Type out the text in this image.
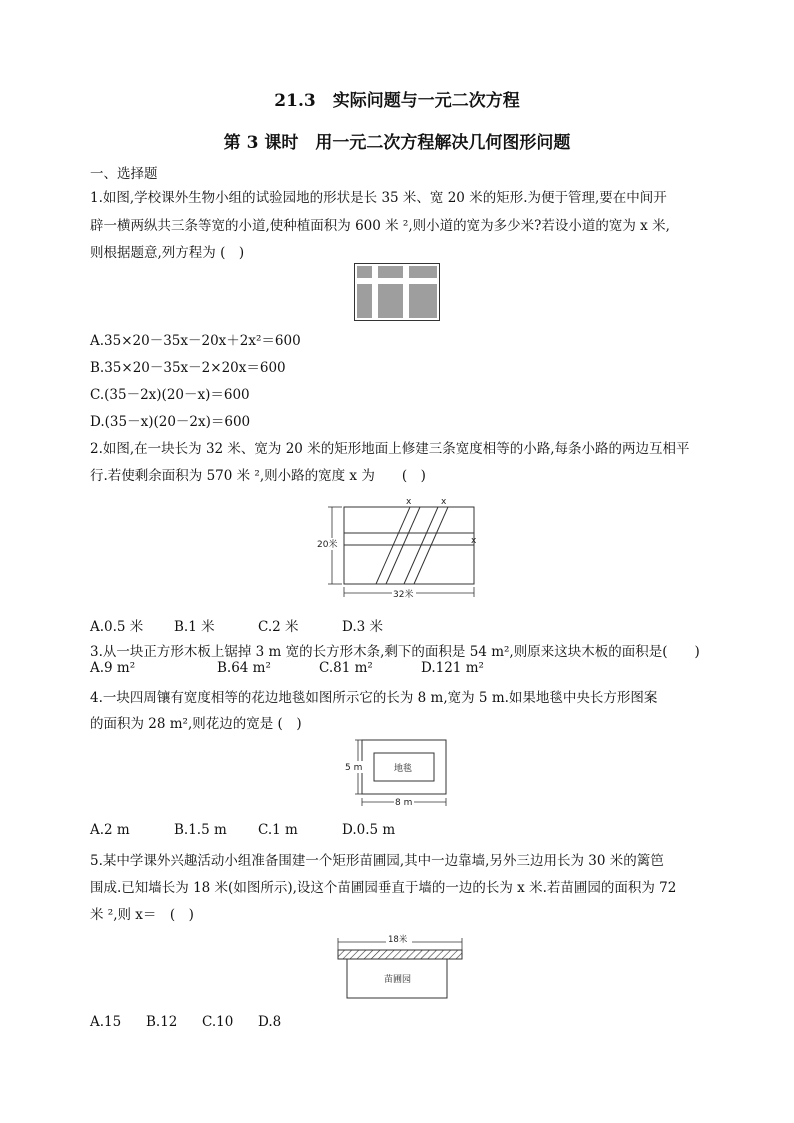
21.3　实际问题与一元二次方程
第 3 课时　用一元二次方程解决几何图形问题
一、选择题
1.如图,学校课外生物小组的试验园地的形状是长 35 米、宽 20 米的矩形.为便于管理,要在中间开
辟一横两纵共三条等宽的小道,使种植面积为 600 米 ²,则小道的宽为多少米?若设小道的宽为 x 米,
则根据题意,列方程为 (　)
A.35×20－35x－20x＋2x²＝600
B.35×20－35x－2×20x＝600
C.(35－2x)(20－x)＝600
D.(35－x)(20－2x)＝600
2.如图,在一块长为 32 米、宽为 20 米的矩形地面上修建三条宽度相等的小路,每条小路的两边互相平
行.若使剩余面积为 570 米 ²,则小路的宽度 x 为　　(　)
x	x
x
20米
32米
A.0.5 米 B.1 米	C.2 米	D.3 米
3.从一块正方形木板上锯掉 3 m 宽的长方形木条,剩下的面积是 54 m²,则原来这块木板的面积是(　　)
A.9 m²	B.64 m²	C.81 m²	D.121 m²
4.一块四周镶有宽度相等的花边地毯如图所示它的长为 8 m,宽为 5 m.如果地毯中央长方形图案
的面积为 28 m²,则花边的宽是 (　)
地毯
5 m
8 m
A.2 m	B.1.5 m C.1 m	D.0.5 m
5.某中学课外兴趣活动小组准备围建一个矩形苗圃园,其中一边靠墙,另外三边用长为 30 米的篱笆
围成.已知墙长为 18 米(如图所示),设这个苗圃园垂直于墙的一边的长为 x 米.若苗圃园的面积为 72
米 ²,则 x＝　(　)
18米
苗圃园
A.15 B.12 C.10 D.8
